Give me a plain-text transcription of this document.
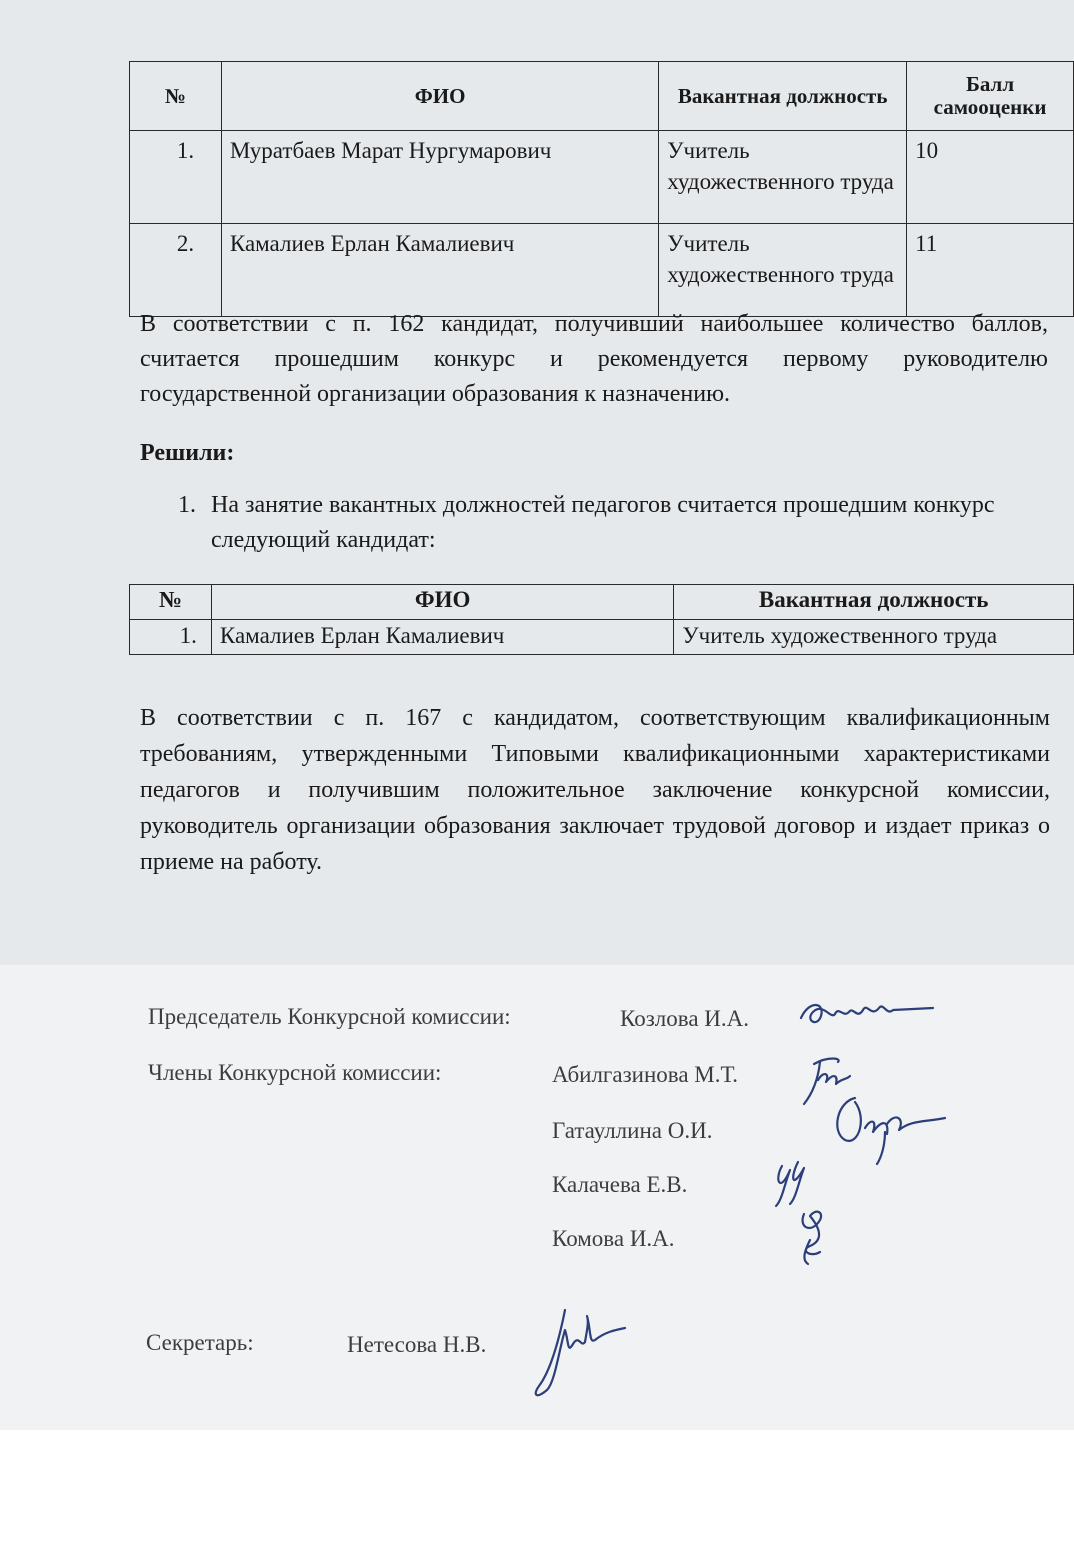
№	ФИО	Вакантная должность	Балл самооценки
1.	Муратбаев Марат Нургумарович	Учитель художественного труда	10
2.	Камалиев Ерлан Камалиевич	Учитель художественного труда	11

В соответствии с п. 162 кандидат, получивший наибольшее количество баллов, считается прошедшим конкурс и рекомендуется первому руководителю государственной организации образования к назначению.

Решили:
1. На занятие вакантных должностей педагогов считается прошедшим конкурс следующий кандидат:
№	ФИО	Вакантная должность
1.	Камалиев Ерлан Камалиевич	Учитель художественного труда

В соответствии с п. 167 с кандидатом, соответствующим квалификационным требованиям, утвержденными Типовыми квалификационными характеристиками педагогов и получившим положительное заключение конкурсной комиссии, руководитель организации образования заключает трудовой договор и издает приказ о приеме на работу.

Председатель Конкурсной комиссии:	Козлова И.А.
Члены Конкурсной комиссии:	Абилгазинова М.Т.
Гатауллина О.И.
Калачева Е.В.
Комова И.А.
Секретарь:	Нетесова Н.В.
